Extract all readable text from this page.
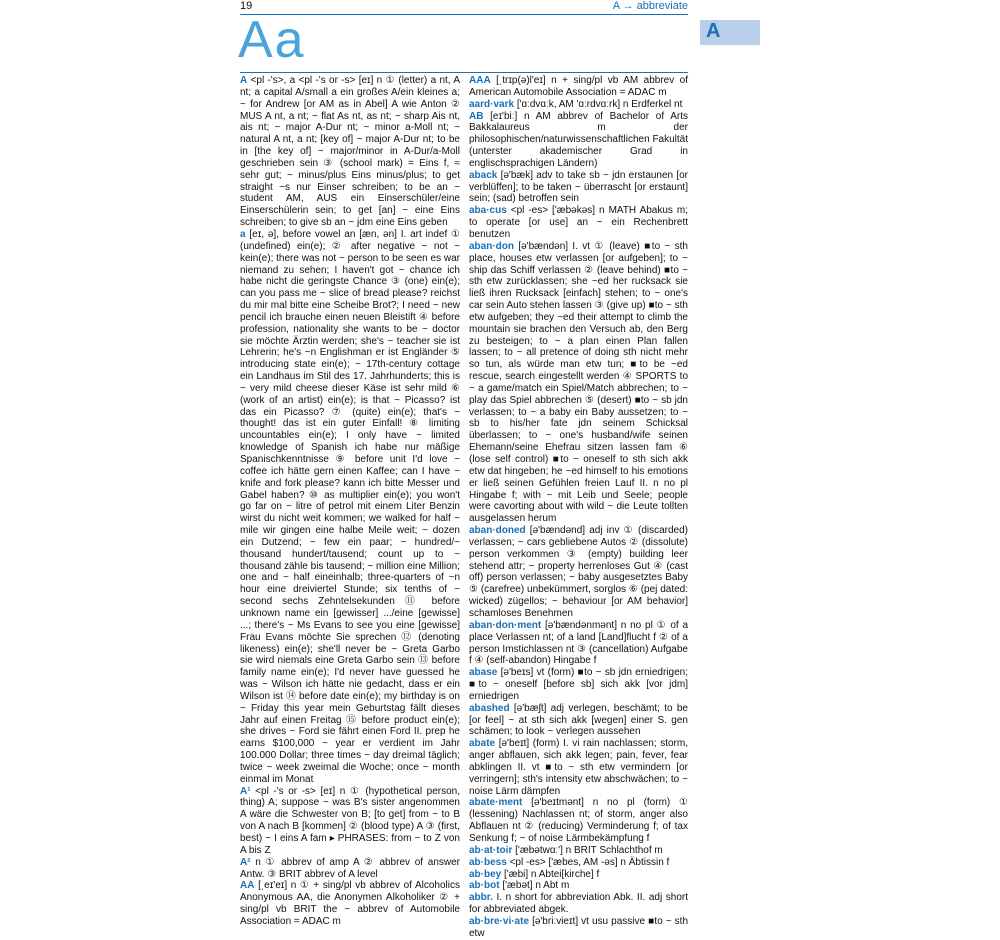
19	A → abbreviate
Aa	A

A <pl -'s>, a <pl -'s or -s> [eɪ] n ① (letter) a nt, A nt; a capital A/small a ein großes A/ein kleines a; ~ for Andrew [or AM as in Abel] A wie Anton ② MUS A nt, a nt; ~ flat As nt, as nt; ~ sharp Ais nt, ais nt; ~ major A-Dur nt; ~ minor a-Moll nt; ~ natural A nt, a nt; [key of] ~ major A-Dur nt; to be in [the key of] ~ major/minor in A-Dur/a-Moll geschrieben sein ③ (school mark) = Eins f, ≈ sehr gut; ~ minus/plus Eins minus/plus; to get straight ~s nur Einser schreiben; to be an ~ student AM, AUS ein Einserschüler/eine Einserschülerin sein; to get [an] ~ eine Eins schreiben; to give sb an ~ jdm eine Eins geben

a [eɪ, ə], before vowel an [æn, ən] I. art indef ① (undefined) ein(e); ② after negative ~ not ~ kein(e); there was not ~ person to be seen es war niemand zu sehen; I haven't got ~ chance ich habe nicht die geringste Chance ③ (one) ein(e); can you pass me ~ slice of bread please? reichst du mir mal bitte eine Scheibe Brot?; I need ~ new pencil ich brauche einen neuen Bleistift ④ before profession, nationality she wants to be ~ doctor sie möchte Ärztin werden; she's ~ teacher sie ist Lehrerin; he's ~n Englishman er ist Engländer ⑤ introducing state ein(e); ~ 17th-century cottage ein Landhaus im Stil des 17. Jahrhunderts; this is ~ very mild cheese dieser Käse ist sehr mild ⑥ (work of an artist) ein(e); is that ~ Picasso? ist das ein Picasso? ⑦ (quite) ein(e); that's ~ thought! das ist ein guter Einfall! ⑧ limiting uncountables ein(e); I only have ~ limited knowledge of Spanish ich habe nur mäßige Spanischkenntnisse ⑨ before unit I'd love ~ coffee ich hätte gern einen Kaffee; can I have ~ knife and fork please? kann ich bitte Messer und Gabel haben? ⑩ as multiplier ein(e); you won't go far on ~ litre of petrol mit einem Liter Benzin wirst du nicht weit kommen; we walked for half ~ mile wir gingen eine halbe Meile weit; ~ dozen ein Dutzend; ~ few ein paar; ~ hundred/~ thousand hundert/tausend; count up to ~ thousand zähle bis tausend; ~ million eine Million; one and ~ half eineinhalb; three-quarters of ~n hour eine dreiviertel Stunde; six tenths of ~ second sechs Zehntelsekunden ⑪ before unknown name ein [gewisser] .../eine [gewisse] ...; there's ~ Ms Evans to see you eine [gewisse] Frau Evans möchte Sie sprechen ⑫ (denoting likeness) ein(e); she'll never be ~ Greta Garbo sie wird niemals eine Greta Garbo sein ⑬ before family name ein(e); I'd never have guessed he was ~ Wilson ich hätte nie gedacht, dass er ein Wilson ist ⑭ before date ein(e); my birthday is on ~ Friday this year mein Geburtstag fällt dieses Jahr auf einen Freitag ⑮ before product ein(e); she drives ~ Ford sie fährt einen Ford II. prep he earns $100,000 ~ year er verdient im Jahr 100.000 Dollar; three times ~ day dreimal täglich; twice ~ week zweimal die Woche; once ~ month einmal im Monat

A¹ <pl -'s or -s> [eɪ] n ① (hypothetical person, thing) A; suppose ~ was B's sister angenommen A wäre die Schwester von B; [to get] from ~ to B von A nach B [kommen] ② (blood type) A ③ (first, best) ~ I eins A fam ▸ PHRASES: from ~ to Z von A bis Z

A² n ① abbrev of amp A ② abbrev of answer Antw. ③ BRIT abbrev of A level

AA [ˌeɪ'eɪ] n ① + sing/pl vb abbrev of Alcoholics Anonymous AA, die Anonymen Alkoholiker ② + sing/pl vb BRIT the ~ abbrev of Automobile Association = ADAC m

AAA [ˌtrɪp(ə)l'eɪ] n + sing/pl vb AM abbrev of American Automobile Association = ADAC m

aard·vark ['ɑːdvɑːk, AM 'ɑːrdvɑːrk] n Erdferkel nt

AB [eɪ'biː] n AM abbrev of Bachelor of Arts Bakkalaureus m der philosophischen/naturwissenschaftlichen Fakultät (unterster akademischer Grad in englischsprachigen Ländern)

aback [ə'bæk] adv to take sb ~ jdn erstaunen [or verblüffen]; to be taken ~ überrascht [or erstaunt] sein; (sad) betroffen sein

aba·cus <pl -es> ['æbəkəs] n MATH Abakus m; to operate [or use] an ~ ein Rechenbrett benutzen

aban·don [ə'bændən] I. vt ① (leave) ■to ~ sth place, houses etw verlassen [or aufgeben]; to ~ ship das Schiff verlassen ② (leave behind) ■to ~ sth etw zurücklassen; she ~ed her rucksack sie ließ ihren Rucksack [einfach] stehen; to ~ one's car sein Auto stehen lassen ③ (give up) ■to ~ sth etw aufgeben; they ~ed their attempt to climb the mountain sie brachen den Versuch ab, den Berg zu besteigen; to ~ a plan einen Plan fallen lassen; to ~ all pretence of doing sth nicht mehr so tun, als würde man etw tun; ■to be ~ed rescue, search eingestellt werden ④ SPORTS to ~ a game/match ein Spiel/Match abbrechen; to ~ play das Spiel abbrechen ⑤ (desert) ■to ~ sb jdn verlassen; to ~ a baby ein Baby aussetzen; to ~ sb to his/her fate jdn seinem Schicksal überlassen; to ~ one's husband/wife seinen Ehemann/seine Ehefrau sitzen lassen fam ⑥ (lose self control) ■to ~ oneself to sth sich akk etw dat hingeben; he ~ed himself to his emotions er ließ seinen Gefühlen freien Lauf II. n no pl Hingabe f; with ~ mit Leib und Seele; people were cavorting about with wild ~ die Leute tollten ausgelassen herum

aban·doned [ə'bændənd] adj inv ① (discarded) verlassen; ~ cars gebliebene Autos ② (dissolute) person verkommen ③ (empty) building leer stehend attr; ~ property herrenloses Gut ④ (cast off) person verlassen; ~ baby ausgesetztes Baby ⑤ (carefree) unbekümmert, sorglos ⑥ (pej dated: wicked) zügellos; ~ behaviour [or AM behavior] schamloses Benehmen

aban·don·ment [ə'bændənmənt] n no pl ① of a place Verlassen nt; of a land [Land]flucht f ② of a person Imstichlassen nt ③ (cancellation) Aufgabe f ④ (self-abandon) Hingabe f

abase [ə'beɪs] vt (form) ■to ~ sb jdn erniedrigen; ■to ~ oneself [before sb] sich akk [vor jdm] erniedrigen

abashed [ə'bæʃt] adj verlegen, beschämt; to be [or feel] ~ at sth sich akk [wegen] einer S. gen schämen; to look ~ verlegen aussehen

abate [ə'beɪt] (form) I. vi rain nachlassen; storm, anger abflauen, sich akk legen; pain, fever, fear abklingen II. vt ■to ~ sth etw vermindern [or verringern]; sth's intensity etw abschwächen; to ~ noise Lärm dämpfen

abate·ment [ə'beɪtmənt] n no pl (form) ① (lessening) Nachlassen nt; of storm, anger also Abflauen nt ② (reducing) Verminderung f; of tax Senkung f; ~ of noise Lärmbekämpfung f

ab·at·toir ['æbətwɑː'] n BRIT Schlachthof m

ab·bess <pl -es> ['æbes, AM -əs] n Äbtissin f

ab·bey ['æbi] n Abtei[kirche] f

ab·bot ['æbət] n Abt m

abbr. I. n short for abbreviation Abk. II. adj short for abbreviated abgek.

ab·bre·vi·ate [ə'briːvieɪt] vt usu passive ■to ~ sth etw
